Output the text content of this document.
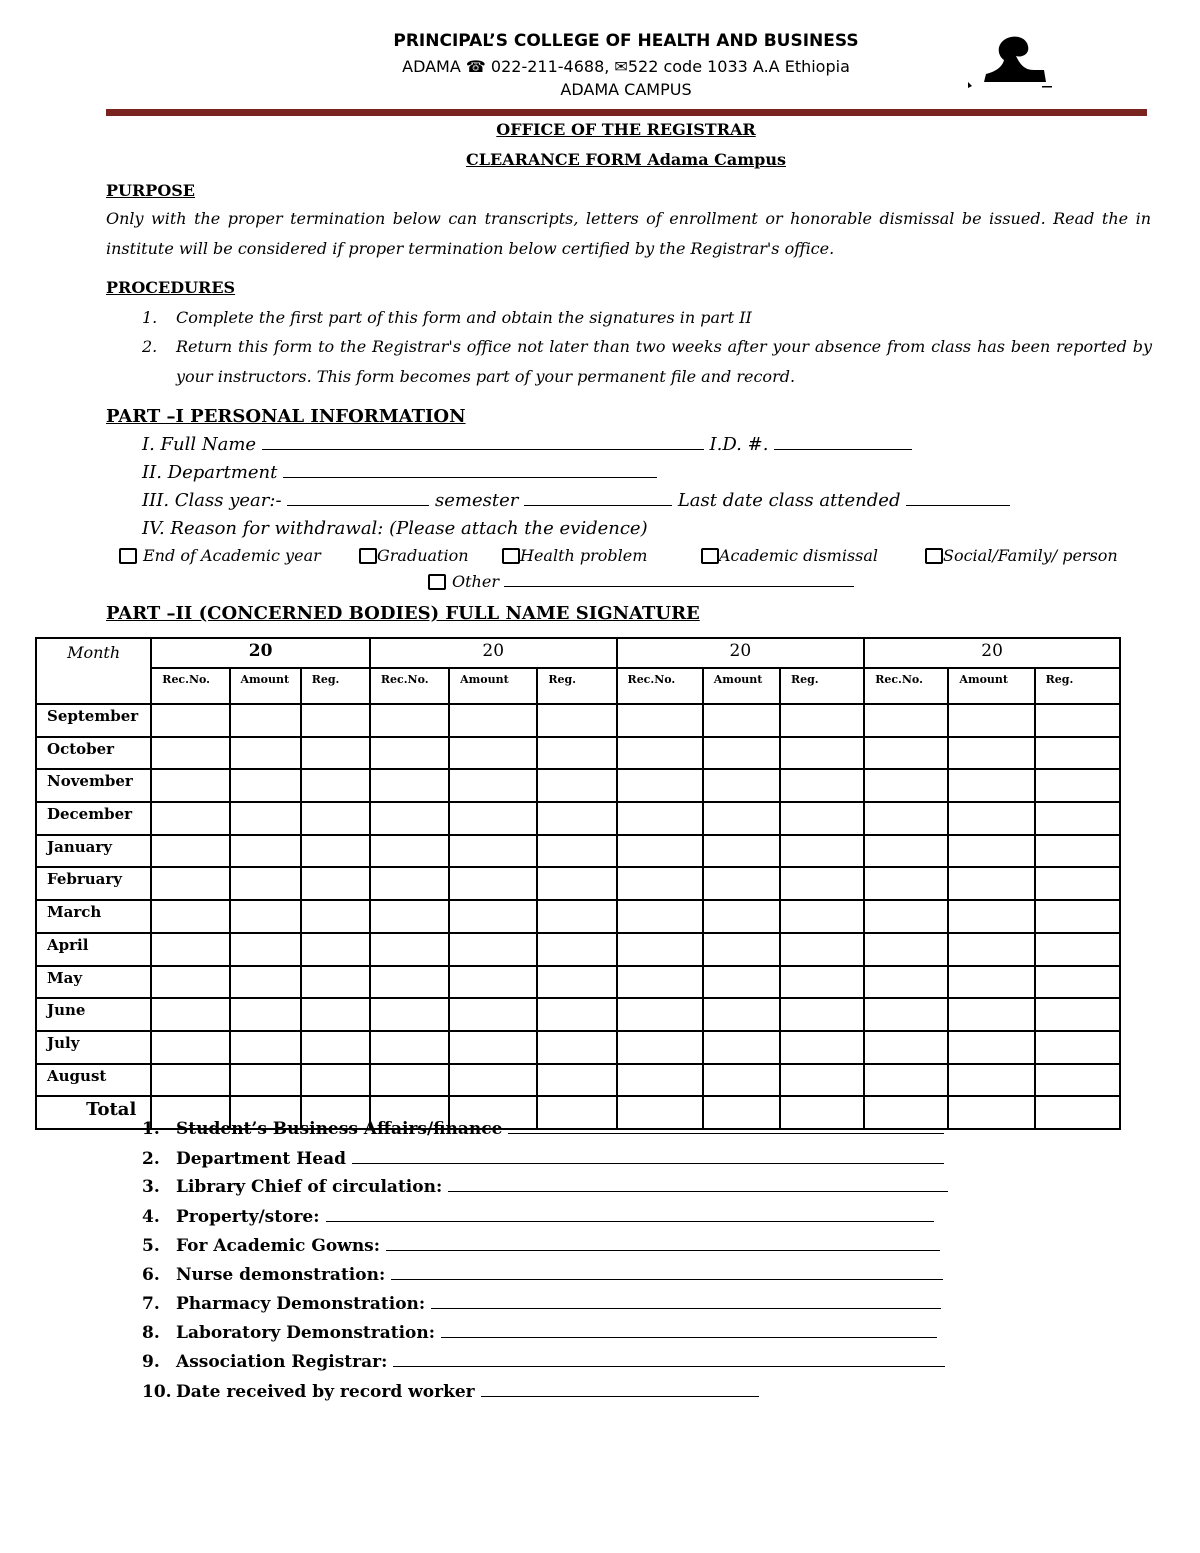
PRINCIPAL’S COLLEGE OF HEALTH AND BUSINESS
ADAMA ☎ 022-211-4688, ✉522 code 1033 A.A Ethiopia
ADAMA CAMPUS
OFFICE OF THE REGISTRAR
CLEARANCE FORM Adama Campus
PURPOSE
Only with the proper termination below can transcripts, letters of enrollment or honorable dismissal be issued. Read the in institute will be considered if proper termination below certified by the Registrar's office.
PROCEDURES
1. Complete the first part of this form and obtain the signatures in part II
2. Return this form to the Registrar's office not later than two weeks after your absence from class has been reported by your instructors. This form becomes part of your permanent file and record.
PART –I PERSONAL INFORMATION
I. Full Name	I.D. #.
II. Department
III. Class year:-	semester	Last date class attended
IV. Reason for withdrawal: (Please attach the evidence)
End of Academic year	Graduation	Health problem	Academic dismissal	Social/Family/ person
Other
PART –II (CONCERNED BODIES) FULL NAME SIGNATURE
Month	20			20			20			20		
	Rec.No.	Amount	Reg.	Rec.No.	Amount	Reg.	Rec.No.	Amount	Reg.	Rec.No.	Amount	Reg.
September												
October												
November												
December												
January												
February												
March												
April												
May												
June												
July												
August												
Total												
1. Student’s Business Affairs/finance
2. Department Head
3. Library Chief of circulation:
4. Property/store:
5. For Academic Gowns:
6. Nurse demonstration:
7. Pharmacy Demonstration:
8. Laboratory Demonstration:
9. Association Registrar:
10. Date received by record worker
